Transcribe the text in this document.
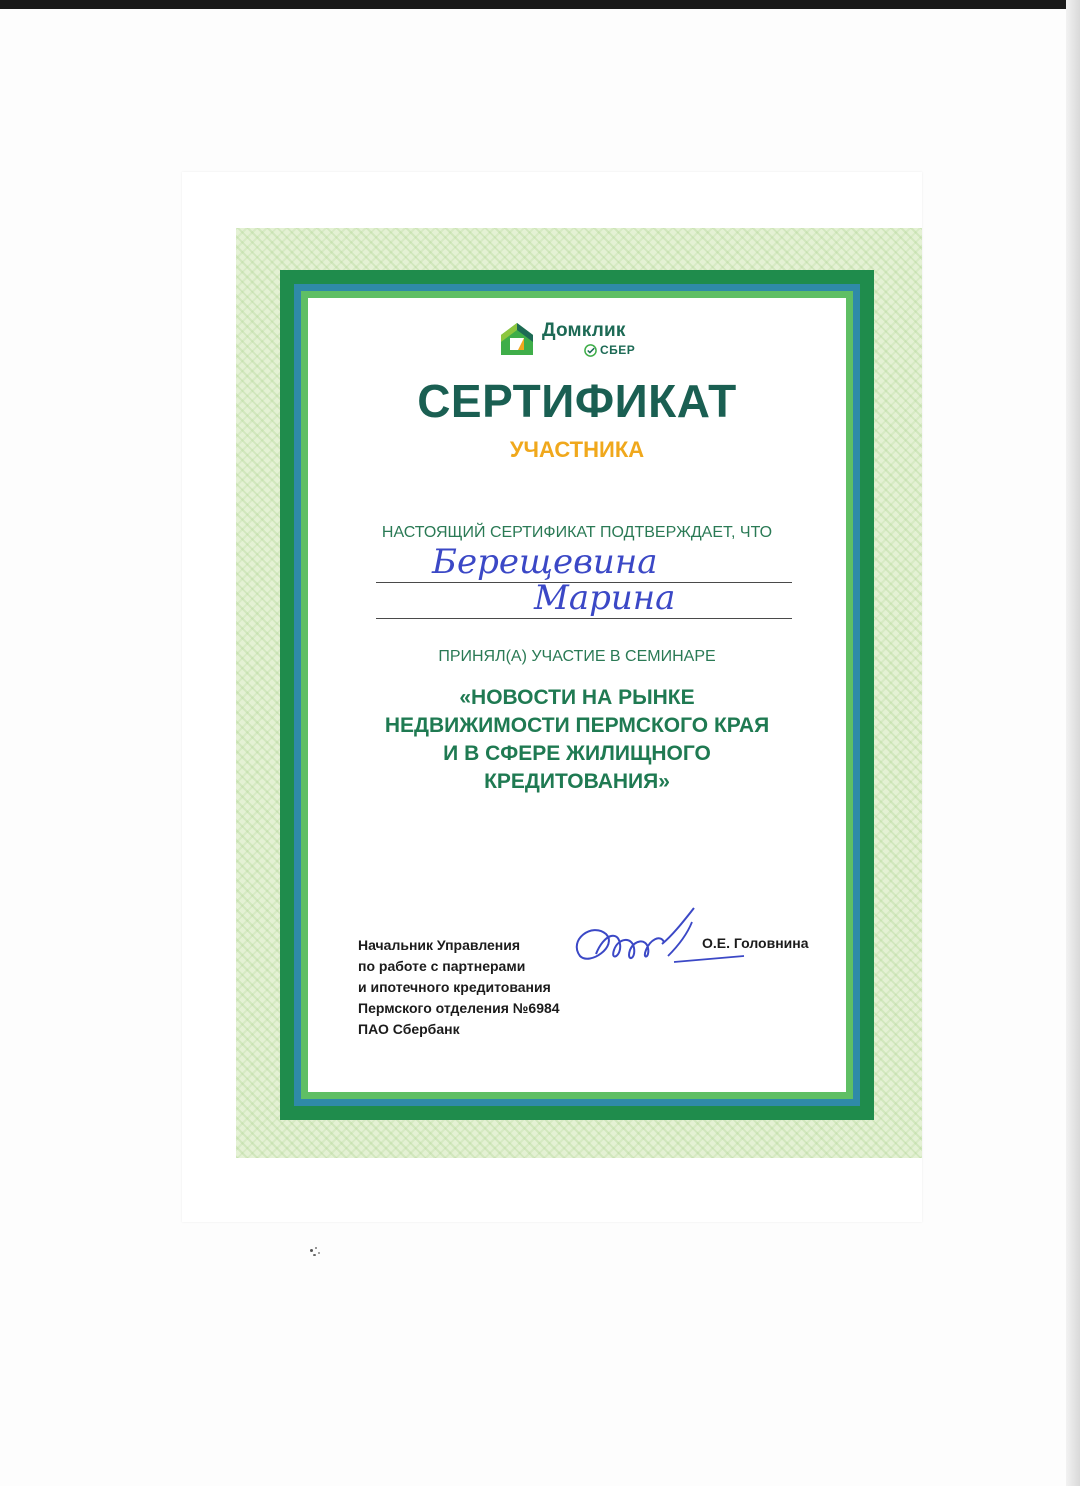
Домклик
СБЕР
СЕРТИФИКАТ
УЧАСТНИКА
НАСТОЯЩИЙ СЕРТИФИКАТ ПОДТВЕРЖДАЕТ, ЧТО
Берещевина
Марина
ПРИНЯЛ(А) УЧАСТИЕ В СЕМИНАРЕ
«НОВОСТИ НА РЫНКЕ
НЕДВИЖИМОСТИ ПЕРМСКОГО КРАЯ
И В СФЕРЕ ЖИЛИЩНОГО
КРЕДИТОВАНИЯ»
Начальник Управления
по работе с партнерами
и ипотечного кредитования
Пермского отделения №6984
ПАО Сбербанк
О.Е. Головнина
